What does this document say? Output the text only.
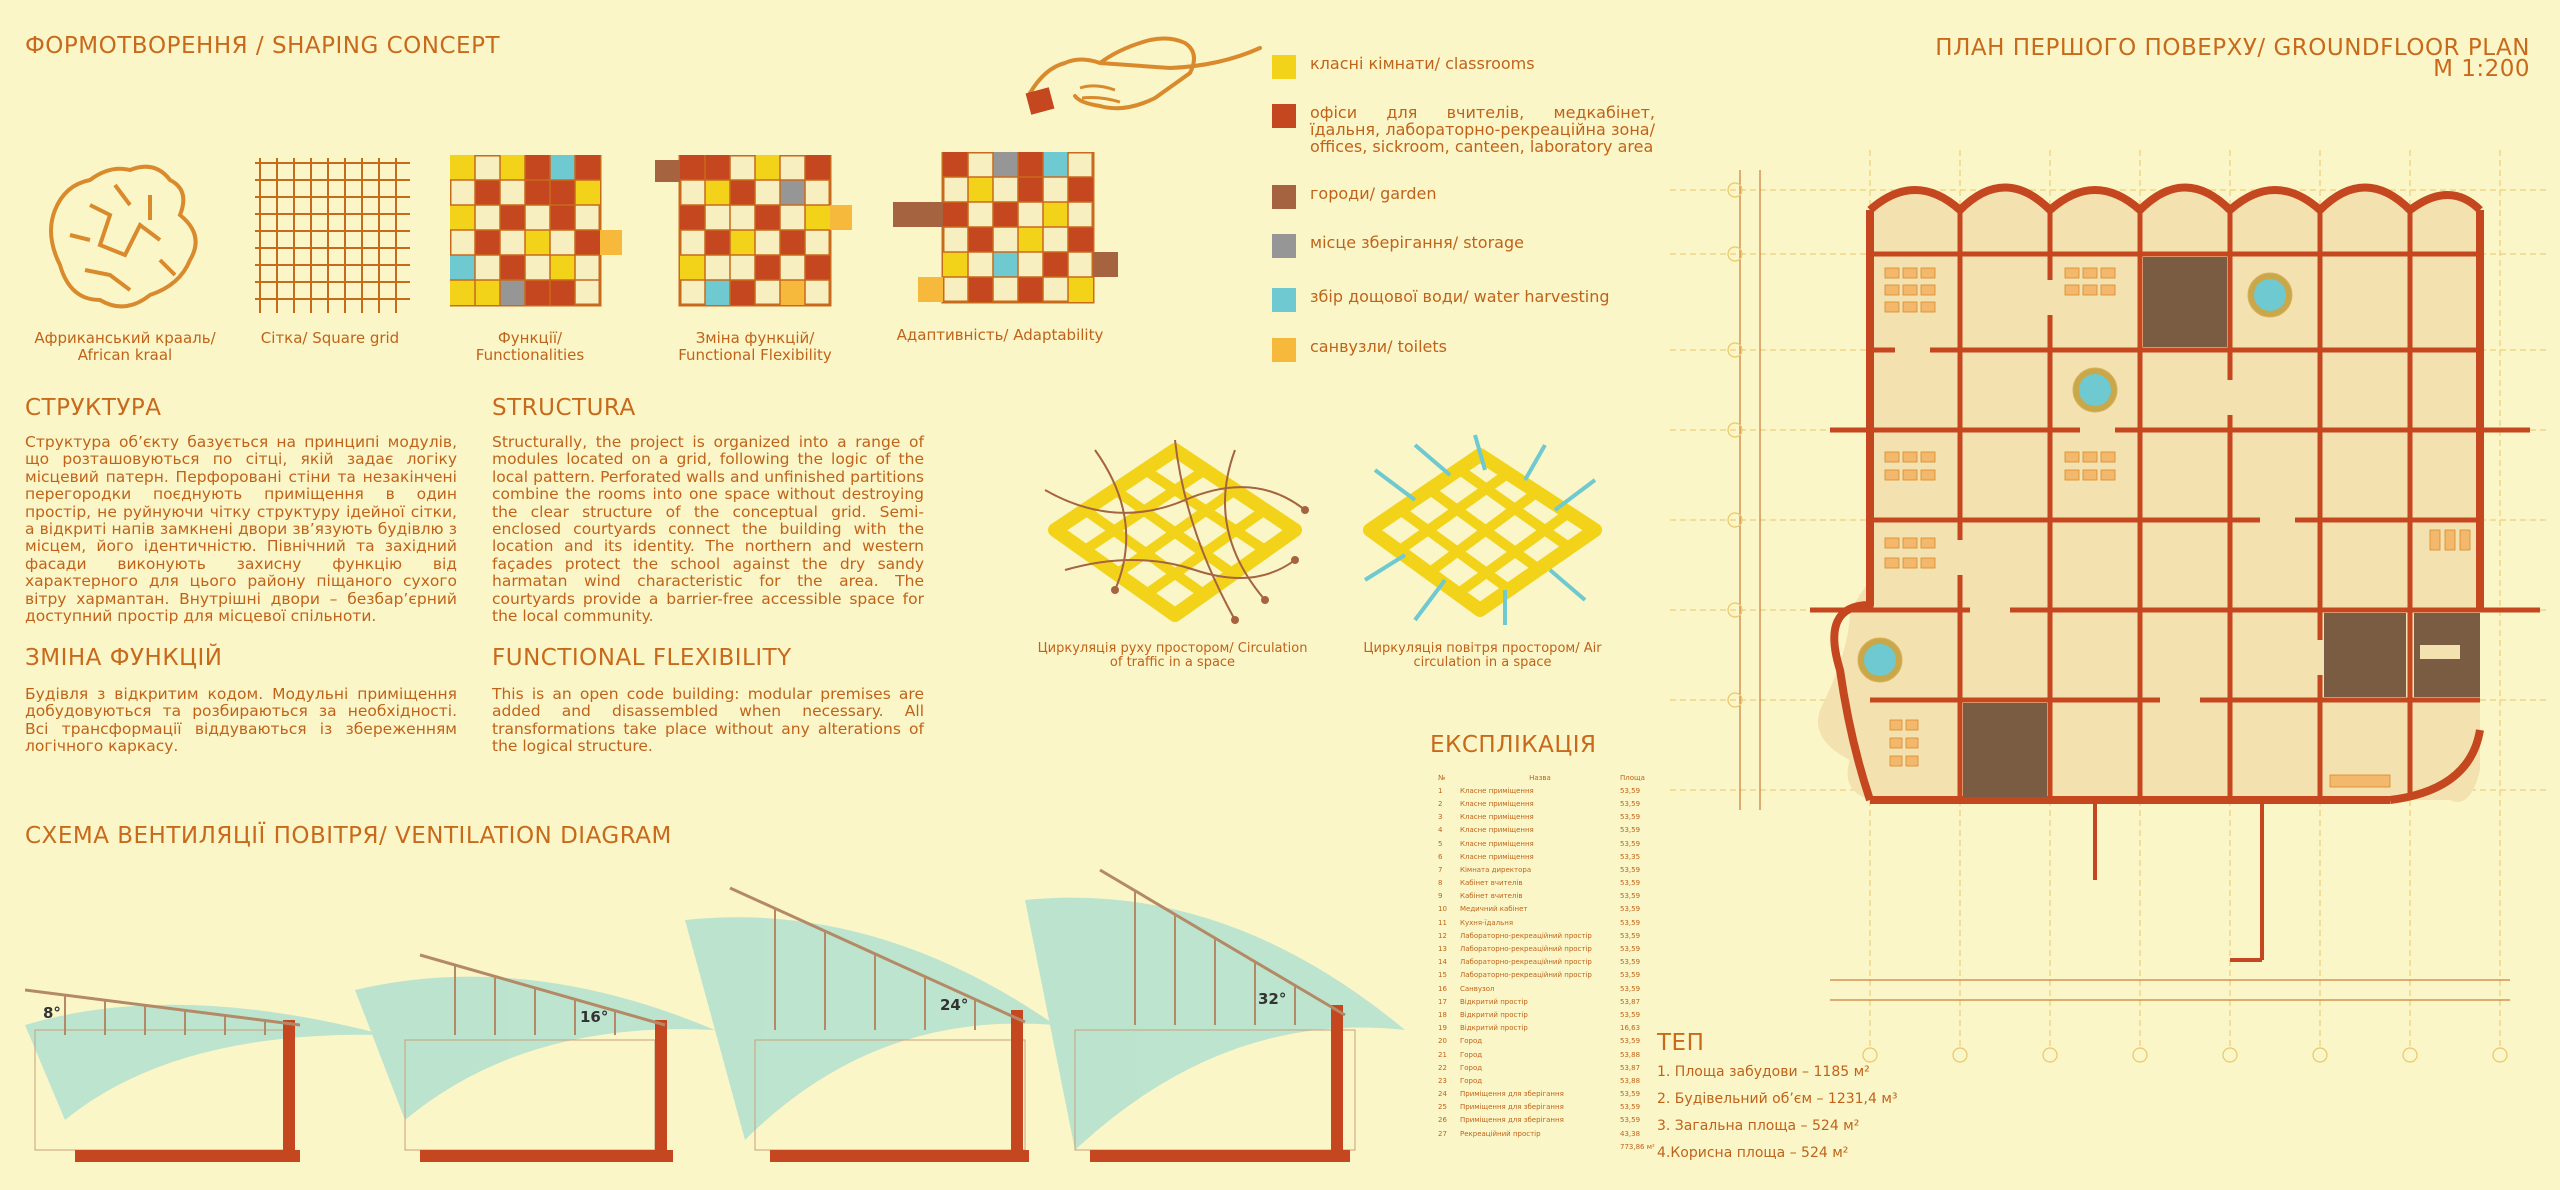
ФОРМОТВОРЕННЯ / SHAPING CONCEPT
Африканський крааль/
African kraal
Сітка/ Square grid	Функції/
Funсtionalities
Зміна функцій/
Functional Flexibility
Адаптивність/ Adaptability
класні кімнати/ classrooms
офіси для вчителів, медкабінет, їдальня, лабораторно-рекреаційна зона/ offices, sickroom, canteen, laboratory area
городи/ garden
місце зберігання/ storage
збір дощової води/ water harvesting
санвузли/ toilets
СТРУКТУРА
Структура об’єкту базується на принципі модулів, що розташовуються по сітці, якій задає логіку місцевий патерн. Перфоровані стіни та незакінчені перегородки поєднують приміщення в один простір, не руйнуючи чітку структуру ідейної сітки, а відкриті напів замкнені двори зв’язують будівлю з місцем, його ідентичністю. Північний та західний фасади виконують захисну функцію від характерного для цього району піщаного сухого вітру хармаnтан. Внутрішні двори – безбар’єрний доступний простір для місцевої спільноти.
STRUCTURA
Structurally, the project is organized into a range of modules located on a grid, following the logic of the local pattern. Perforated walls and unfinished partitions combine the rooms into one space without destroying the clear structure of the conceptual grid. Semi-enclosed courtyards connect the building with the location and its identity. The northern and western façades protect the school against the dry sandy harmatan wind characteristic for the area. The courtyards provide a barrier-free accessible space for the local community.
ЗМІНА ФУНКЦІЙ
Будівля з відкритим кодом. Модульні приміщення добудовуються та розбираються за необхідності. Всі трансформації віддуваються із збереженням логічного каркасу.
FUNCTIONAL FLEXIBILITY
This is an open code building: modular premises are added and disassembled when necessary. All transformations take place without any alterations of the logical structure.
Циркуляція руху простором/ Circulation of traffic in a space
Циркуляція повітря простором/ Air circulation in a space
СХЕМА ВЕНТИЛЯЦІЇ ПОВІТРЯ/ VENTILATION DIAGRAM
8°	16°
24°	32°
ЕКСПЛІКАЦІЯ
№	Назва	Площа
1	Класне приміщення	53,59
2	Класне приміщення	53,59
3	Класне приміщення	53,59
4	Класне приміщення	53,59
5	Класне приміщення	53,59
6	Класне приміщення	53,35
7	Кімната директора	53,59
8	Кабінет вчителів	53,59
9	Кабінет вчителів	53,59
10	Медичний кабінет	53,59
11	Кухня-їдальня	53,59
12	Лабораторно-рекреаційний простір	53,59
13	Лабораторно-рекреаційний простір	53,59
14	Лабораторно-рекреаційний простір	53,59
15	Лабораторно-рекреаційний простір	53,59
16	Санвузол	53,59
17	Відкритий простір	53,87
18	Відкритий простір	53,59
19	Відкритий простір	16,63
20	Город	53,59
21	Город	53,88
22	Город	53,87
23	Город	53,88
24	Приміщення для зберігання	53,59
25	Приміщення для зберігання	53,59
26	Приміщення для зберігання	53,59
27	Рекреаційний простір	43,38
773,86 м²
ПЛАН ПЕРШОГО ПОВЕРХУ/ GROUNDFLOOR PLAN
М 1:200
ТЕП
1. Площа забудови – 1185 м²
2. Будівельний об’єм – 1231,4 м³
3. Загальна площа – 524 м²
4.Корисна площа – 524 м²
